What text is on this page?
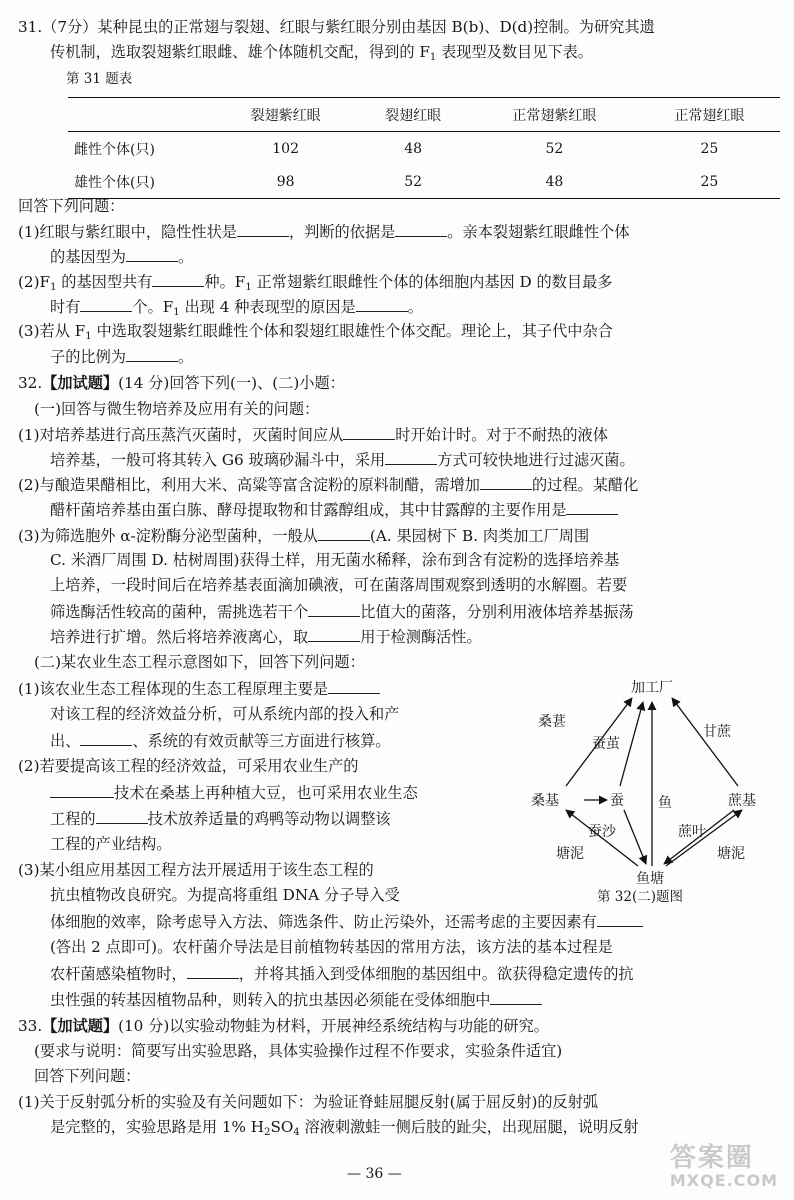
31.（7分）某种昆虫的正常翅与裂翅、红眼与紫红眼分别由基因 B(b)、D(d)控制。为研究其遗
传机制，选取裂翅紫红眼雌、雄个体随机交配，得到的 $F_1$ 表现型及数目见下表。
第 31 题表
	裂翅紫红眼	裂翅红眼	正常翅紫红眼	正常翅红眼
雌性个体(只)	102	48	52	25
雄性个体(只)	98	52	48	25
回答下列问题：
(1)红眼与紫红眼中，隐性性状是	，判断的依据是	。亲本裂翅紫红眼雌性个体
的基因型为	。
$(2)F_1$ 的基因型共有	种。$F_1$ 正常翅紫红眼雌性个体的体细胞内基因 D 的数目最多
时有	个。$F_1$ 出现 4 种表现型的原因是	。
(3)若从 $F_1$ 中选取裂翅紫红眼雌性个体和裂翅红眼雄性个体交配。理论上，其子代中杂合
子的比例为	。
32.【加试题】(14 分)回答下列(一)、(二)小题：
(一)回答与微生物培养及应用有关的问题：
(1)对培养基进行高压蒸汽灭菌时，灭菌时间应从	时开始计时。对于不耐热的液体
培养基，一般可将其转入 G6 玻璃砂漏斗中，采用	方式可较快地进行过滤灭菌。
(2)与酿造果醋相比，利用大米、高粱等富含淀粉的原料制醋，需增加	的过程。某醋化
醋杆菌培养基由蛋白胨、酵母提取物和甘露醇组成，其中甘露醇的主要作用是
(3)为筛选胞外 α-淀粉酶分泌型菌种，一般从	(A. 果园树下 B. 肉类加工厂周围
C. 米酒厂周围 D. 枯树周围)获得土样，用无菌水稀释，涂布到含有淀粉的选择培养基
上培养，一段时间后在培养基表面滴加碘液，可在菌落周围观察到透明的水解圈。若要
筛选酶活性较高的菌种，需挑选若干个	比值大的菌落，分别利用液体培养基振荡
培养进行扩增。然后将培养液离心，取	用于检测酶活性。
(二)某农业生态工程示意图如下，回答下列问题：
(1)该农业生态工程体现的生态工程原理主要是
对该工程的经济效益分析，可从系统内部的投入和产
出、	、系统的有效贡献等三方面进行核算。
(2)若要提高该工程的经济效益，可采用农业生产的
技术在桑基上再种植大豆，也可采用农业生态
工程的	技术放养适量的鸡鸭等动物以调整该
工程的产业结构。
(3)某小组应用基因工程方法开展适用于该生态工程的
抗虫植物改良研究。为提高将重组 DNA 分子导入受
体细胞的效率，除考虑导入方法、筛选条件、防止污染外，还需考虑的主要因素有
(答出 2 点即可)。农杆菌介导法是目前植物转基因的常用方法，该方法的基本过程是
农杆菌感染植物时，	，并将其插入到受体细胞的基因组中。欲获得稳定遗传的抗
虫性强的转基因植物品种，则转入的抗虫基因必须能在受体细胞中
加工厂
桑葚
蚕茧
甘蔗
桑基	蚕 鱼	蔗基
蚕沙	蔗叶
塘泥	塘泥
鱼塘
第 32(二)题图
33.【加试题】(10 分)以实验动物蛙为材料，开展神经系统结构与功能的研究。
(要求与说明：简要写出实验思路，具体实验操作过程不作要求，实验条件适宜)
回答下列问题：
(1)关于反射弧分析的实验及有关问题如下：为验证脊蛙屈腿反射(属于屈反射)的反射弧
是完整的，实验思路是用 1% $H_2SO_4$ 溶液刺激蛙一侧后肢的趾尖，出现屈腿，说明反射
— 36 —
答案圈
MXQE.COM
